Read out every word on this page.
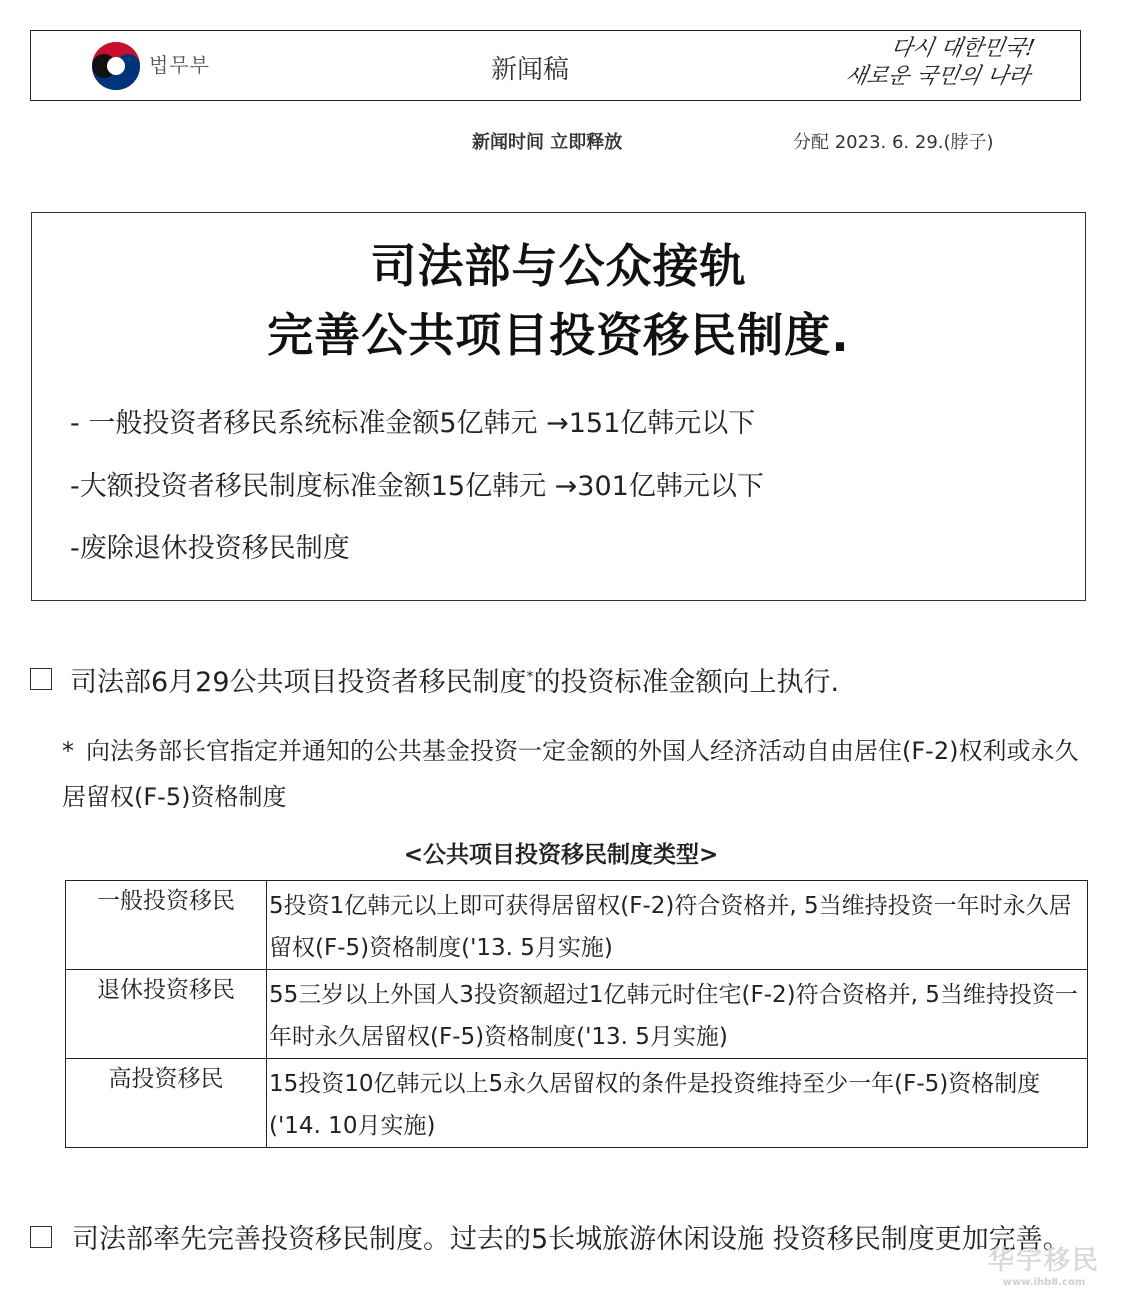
법무부	新闻稿
다시 대한민국!
새로운 국민의 나라
新闻时间 立即释放	分配 2023. 6. 29.(脖子)
司法部与公众接轨
完善公共项目投资移民制度.
- 一般投资者移民系统标准金额5亿韩元 →151亿韩元以下
-大额投资者移民制度标准金额15亿韩元 →301亿韩元以下
-废除退休投资移民制度
司法部6月29公共项目投资者移民制度*的投资标准金额向上执行.
* 向法务部长官指定并通知的公共基金投资一定金额的外国人经济活动自由居住(F-2)权利或永久居留权(F-5)资格制度
<公共项目投资移民制度类型>
一般投资移民	5投资1亿韩元以上即可获得居留权(F-2)符合资格并, 5当维持投资一年时永久居留权(F-5)资格制度('13. 5月实施)
退休投资移民	55三岁以上外国人3投资额超过1亿韩元时住宅(F-2)符合资格并, 5当维持投资一年时永久居留权(F-5)资格制度('13. 5月实施)
高投资移民	15投资10亿韩元以上5永久居留权的条件是投资维持至少一年(F-5)资格制度('14. 10月实施)
司法部率先完善投资移民制度。过去的5长城旅游休闲设施 投资移民制度更加完善。
华宇移民
www.ihb8.com
